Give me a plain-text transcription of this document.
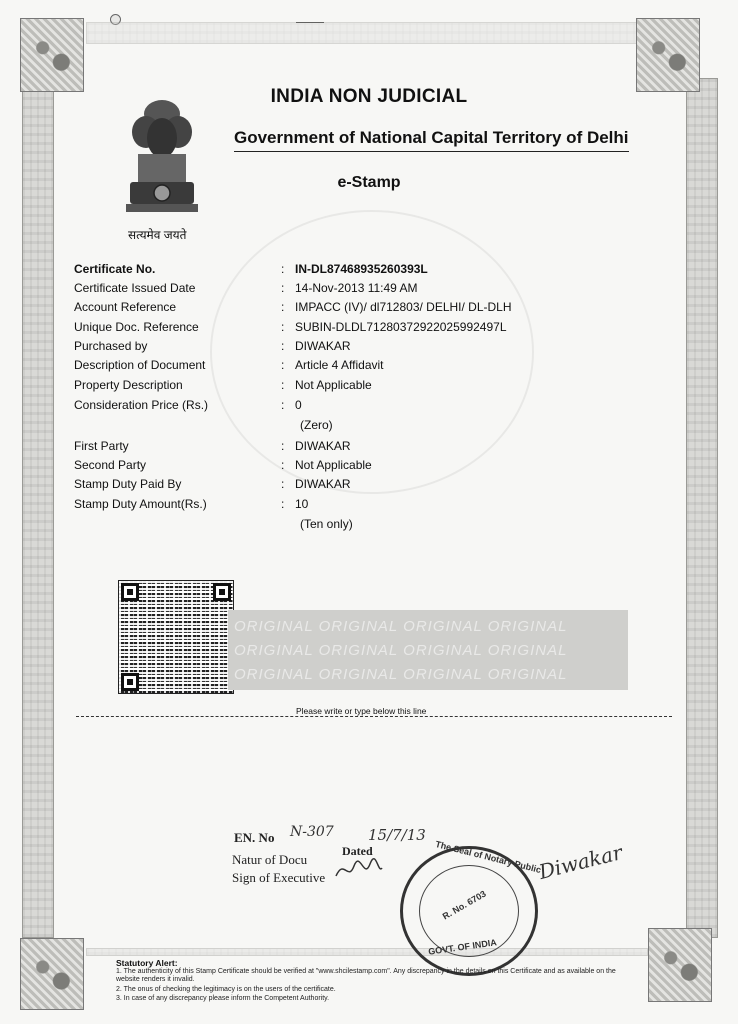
सत्यमेव जयते
INDIA NON JUDICIAL
Government of National Capital Territory of Delhi
e-Stamp
Certificate No.	: IN-DL87468935260393L
Certificate Issued Date	: 14-Nov-2013 11:49 AM
Account Reference	: IMPACC (IV)/ dl712803/ DELHI/ DL-DLH
Unique Doc. Reference	: SUBIN-DLDL71280372922025992497L
Purchased by	: DIWAKAR
Description of Document	: Article 4 Affidavit
Property Description	: Not Applicable
Consideration Price (Rs.)	: 0
(Zero)
First Party	: DIWAKAR
Second Party	: Not Applicable
Stamp Duty Paid By	: DIWAKAR
Stamp Duty Amount(Rs.)	: 10
(Ten only)
ORIGINAL ORIGINAL ORIGINAL ORIGINAL
ORIGINAL ORIGINAL ORIGINAL ORIGINAL
ORIGINAL ORIGINAL ORIGINAL ORIGINAL
Please write or type below this line
EN. No N-307
Dated
15/7/13
Natur of Docu
Sign of Executive	Diwakar
The Seal of Notary Public
GOVT. OF INDIA
R. No. 6703
Statutory Alert:
1. The authenticity of this Stamp Certificate should be verified at "www.shcilestamp.com". Any discrepancy in the details on this Certificate and as available on the website renders it invalid.
2. The onus of checking the legitimacy is on the users of the certificate.
3. In case of any discrepancy please inform the Competent Authority.
